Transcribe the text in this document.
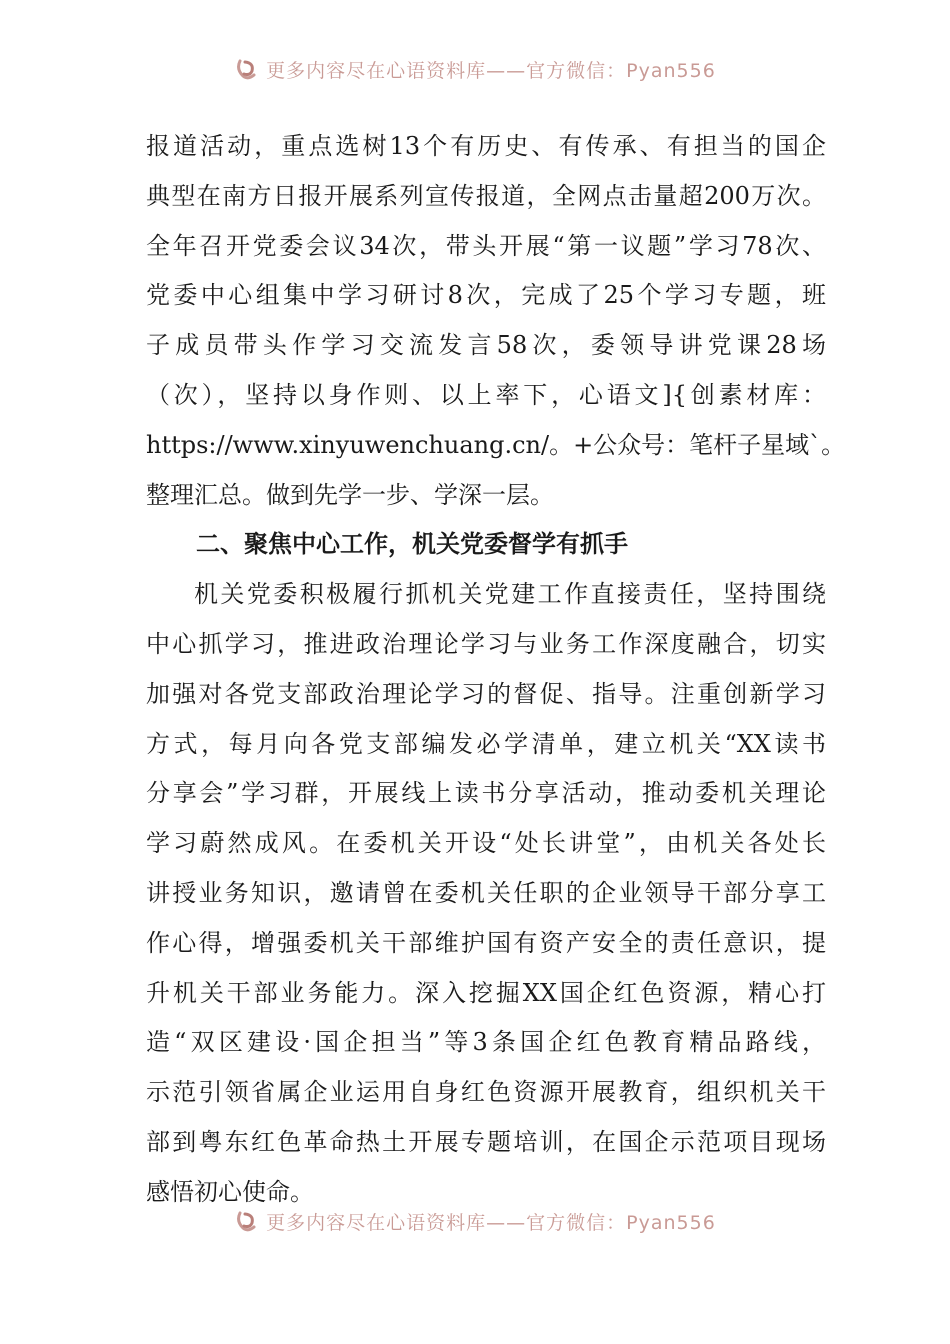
更多内容尽在心语资料库——官方微信：Pyan556
报道活动，重点选树13个有历史、有传承、有担当的国企
典型在南方日报开展系列宣传报道，全网点击量超200万次。
全年召开党委会议34次，带头开展“第一议题”学习78次、
党委中心组集中学习研讨8次，完成了25个学习专题，班
子成员带头作学习交流发言58次，委领导讲党课28场
（次），坚持以身作则、以上率下，心语文]{创素材库：
https://www.xinyuwenchuang.cn/。+公众号：笔杆子星域`。
整理汇总。做到先学一步、学深一层。
二、聚焦中心工作，机关党委督学有抓手
机关党委积极履行抓机关党建工作直接责任，坚持围绕
中心抓学习，推进政治理论学习与业务工作深度融合，切实
加强对各党支部政治理论学习的督促、指导。注重创新学习
方式，每月向各党支部编发必学清单，建立机关“XX读书
分享会”学习群，开展线上读书分享活动，推动委机关理论
学习蔚然成风。在委机关开设“处长讲堂”，由机关各处长
讲授业务知识，邀请曾在委机关任职的企业领导干部分享工
作心得，增强委机关干部维护国有资产安全的责任意识，提
升机关干部业务能力。深入挖掘XX国企红色资源，精心打
造“双区建设·国企担当”等3条国企红色教育精品路线，
示范引领省属企业运用自身红色资源开展教育，组织机关干
部到粤东红色革命热土开展专题培训，在国企示范项目现场
感悟初心使命。
更多内容尽在心语资料库——官方微信：Pyan556
